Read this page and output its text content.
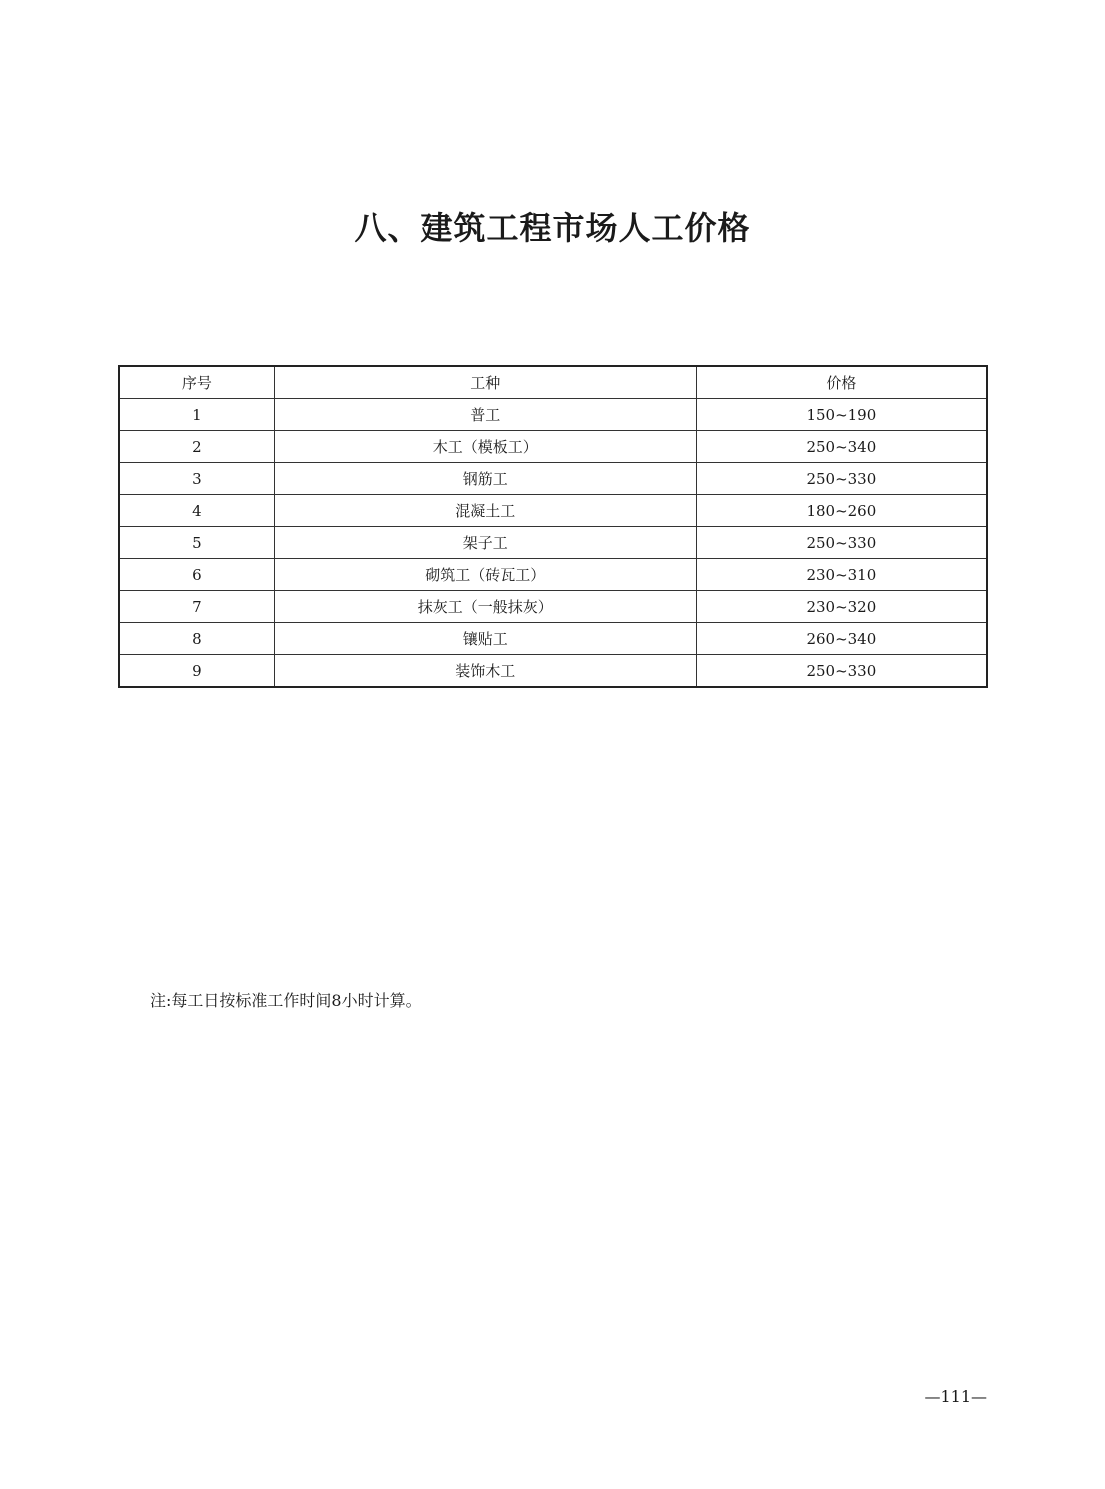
八、建筑工程市场人工价格
序号	工种	价格
1	普工	150~190
2	木工（模板工）	250~340
3	钢筋工	250~330
4	混凝土工	180~260
5	架子工	250~330
6	砌筑工（砖瓦工）	230~310
7	抹灰工（一般抹灰）	230~320
8	镶贴工	260~340
9	装饰木工	250~330
注:每工日按标准工作时间8小时计算。
—111—
